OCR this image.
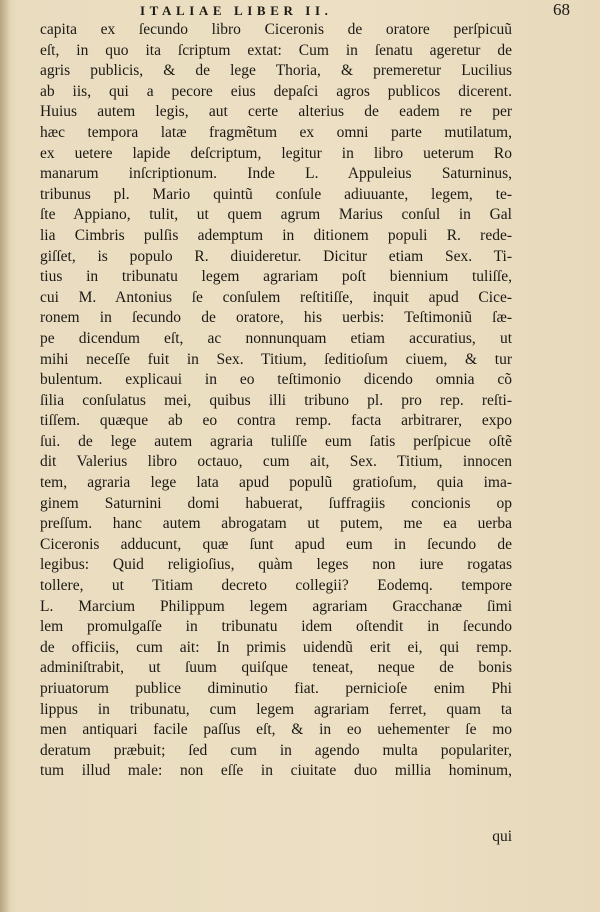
ITALIAE LIBER II.	68
capita ex ſecundo libro Ciceronis de oratore perſpicuũ
eſt, in quo ita ſcriptum extat: Cum in ſenatu ageretur de
agris publicis, & de lege Thoria, & premeretur Lucilius
ab iis, qui a pecore eius depaſci agros publicos dicerent.
Huius autem legis, aut certe alterius de eadem re per
hæc tempora latæ fragmẽtum ex omni parte mutilatum,
ex uetere lapide deſcriptum, legitur in libro ueterum Ro
manarum inſcriptionum. Inde L. Appuleius Saturninus,
tribunus pl. Mario quintũ conſule adiuuante, legem, te-
ſte Appiano, tulit, ut quem agrum Marius conſul in Gal
lia Cimbris pulſis ademptum in ditionem populi R. rede-
giſſet, is populo R. diuideretur. Dicitur etiam Sex. Ti-
tius in tribunatu legem agrariam poſt biennium tuliſſe,
cui M. Antonius ſe conſulem reſtitiſſe, inquit apud Cice-
ronem in ſecundo de oratore, his uerbis: Teſtimoniũ ſæ-
pe dicendum eſt, ac nonnunquam etiam accuratius, ut
mihi neceſſe fuit in Sex. Titium, ſeditioſum ciuem, & tur
bulentum. explicaui in eo teſtimonio dicendo omnia cõ
ſilia conſulatus mei, quibus illi tribuno pl. pro rep. reſti-
tiſſem. quæque ab eo contra remp. facta arbitrarer, expo
ſui. de lege autem agraria tuliſſe eum ſatis perſpicue oſtẽ
dit Valerius libro octauo, cum ait, Sex. Titium, innocen
tem, agraria lege lata apud populũ gratioſum, quia ima-
ginem Saturnini domi habuerat, ſuffragiis concionis op
preſſum. hanc autem abrogatam ut putem, me ea uerba
Ciceronis adducunt, quæ ſunt apud eum in ſecundo de
legibus: Quid religioſius, quàm leges non iure rogatas
tollere, ut Titiam decreto collegii? Eodemq. tempore
L. Marcium Philippum legem agrariam Gracchanæ ſimi
lem promulgaſſe in tribunatu idem oſtendit in ſecundo
de officiis, cum ait: In primis uidendũ erit ei, qui remp.
adminiſtrabit, ut ſuum quiſque teneat, neque de bonis
priuatorum publice diminutio fiat. pernicioſe enim Phi
lippus in tribunatu, cum legem agrariam ferret, quam ta
men antiquari facile paſſus eſt, & in eo uehementer ſe mo
deratum præbuit; ſed cum in agendo multa populariter,
tum illud male: non eſſe in ciuitate duo millia hominum,
qui
